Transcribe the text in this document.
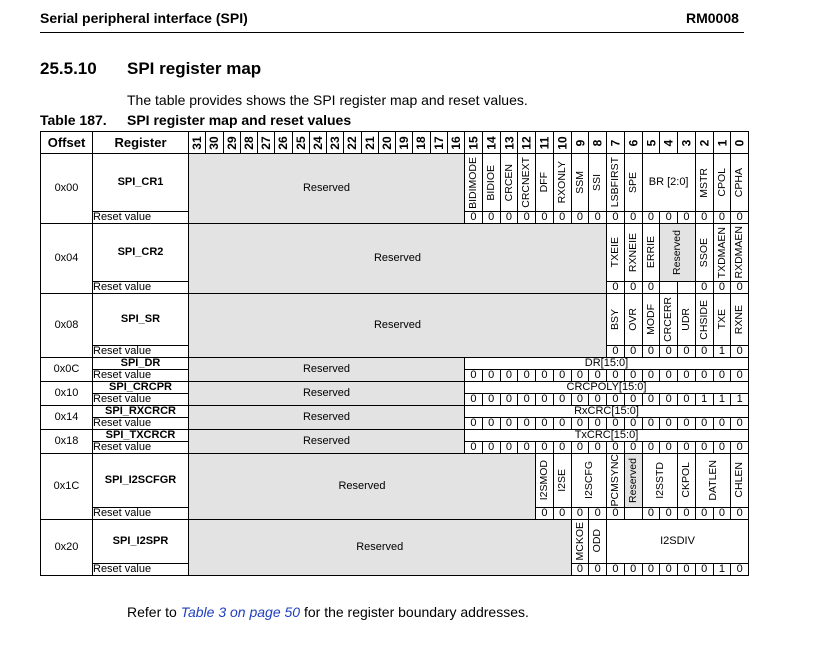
Serial peripheral interface (SPI)	RM0008
25.5.10 SPI register map
The table provides shows the SPI register map and reset values.
Table 187. SPI register map and reset values
Offset	Register	31	30	29	28	27	26	25	24	23	22	21	20	19	18	17	16	15	14	13	12	11	10	9	8	7	6	5	4	3	2	1	0

0x00	SPI_CR1	Reserved																BIDIMODE	BIDIOE	CRCEN	CRCNEXT	DFF	RXONLY	SSM	SSI	LSBFIRST	SPE	BR [2:0]			MSTR	CPOL	CPHA

	Reset value																	0	0	0	0	0	0	0	0	0	0	0	0	0	0	0	0
0x04	SPI_CR2	Reserved																								TXEIE	RXNEIE	ERRIE	Reserved		SSOE	TXDMAEN	RXDMAEN

	Reset value																									0	0	0			0	0	0
0x08	SPI_SR	Reserved																								BSY	OVR	MODF	CRCERR	UDR	CHSIDE	TXE	RXNE

	Reset value																									0	0	0	0	0	0	1	0
0x0C	SPI_DR	Reserved																DR[15:0]															
	Reset value																	0	0	0	0	0	0	0	0	0	0	0	0	0	0	0	0
0x10	SPI_CRCPR	Reserved																CRCPOLY[15:0]															
	Reset value																	0	0	0	0	0	0	0	0	0	0	0	0	0	1	1	1
0x14	SPI_RXCRCR	Reserved																RxCRC[15:0]															
	Reset value																	0	0	0	0	0	0	0	0	0	0	0	0	0	0	0	0
0x18	SPI_TXCRCR	Reserved																TxCRC[15:0]															
	Reset value																	0	0	0	0	0	0	0	0	0	0	0	0	0	0	0	0
0x1C	SPI_I2SCFGR	Reserved																				I2SMOD	I2SE	I2SCFG		PCMSYNC	Reserved	I2SSTD		CKPOL	DATLEN		CHLEN

	Reset value																					0	0	0	0	0		0	0	0	0	0	0
0x20	SPI_I2SPR	Reserved																						MCKOE	ODD	I2SDIV							
	Reset value																							0	0	0	0	0	0	0	0	1	0
Refer to Table 3 on page 50 for the register boundary addresses.
